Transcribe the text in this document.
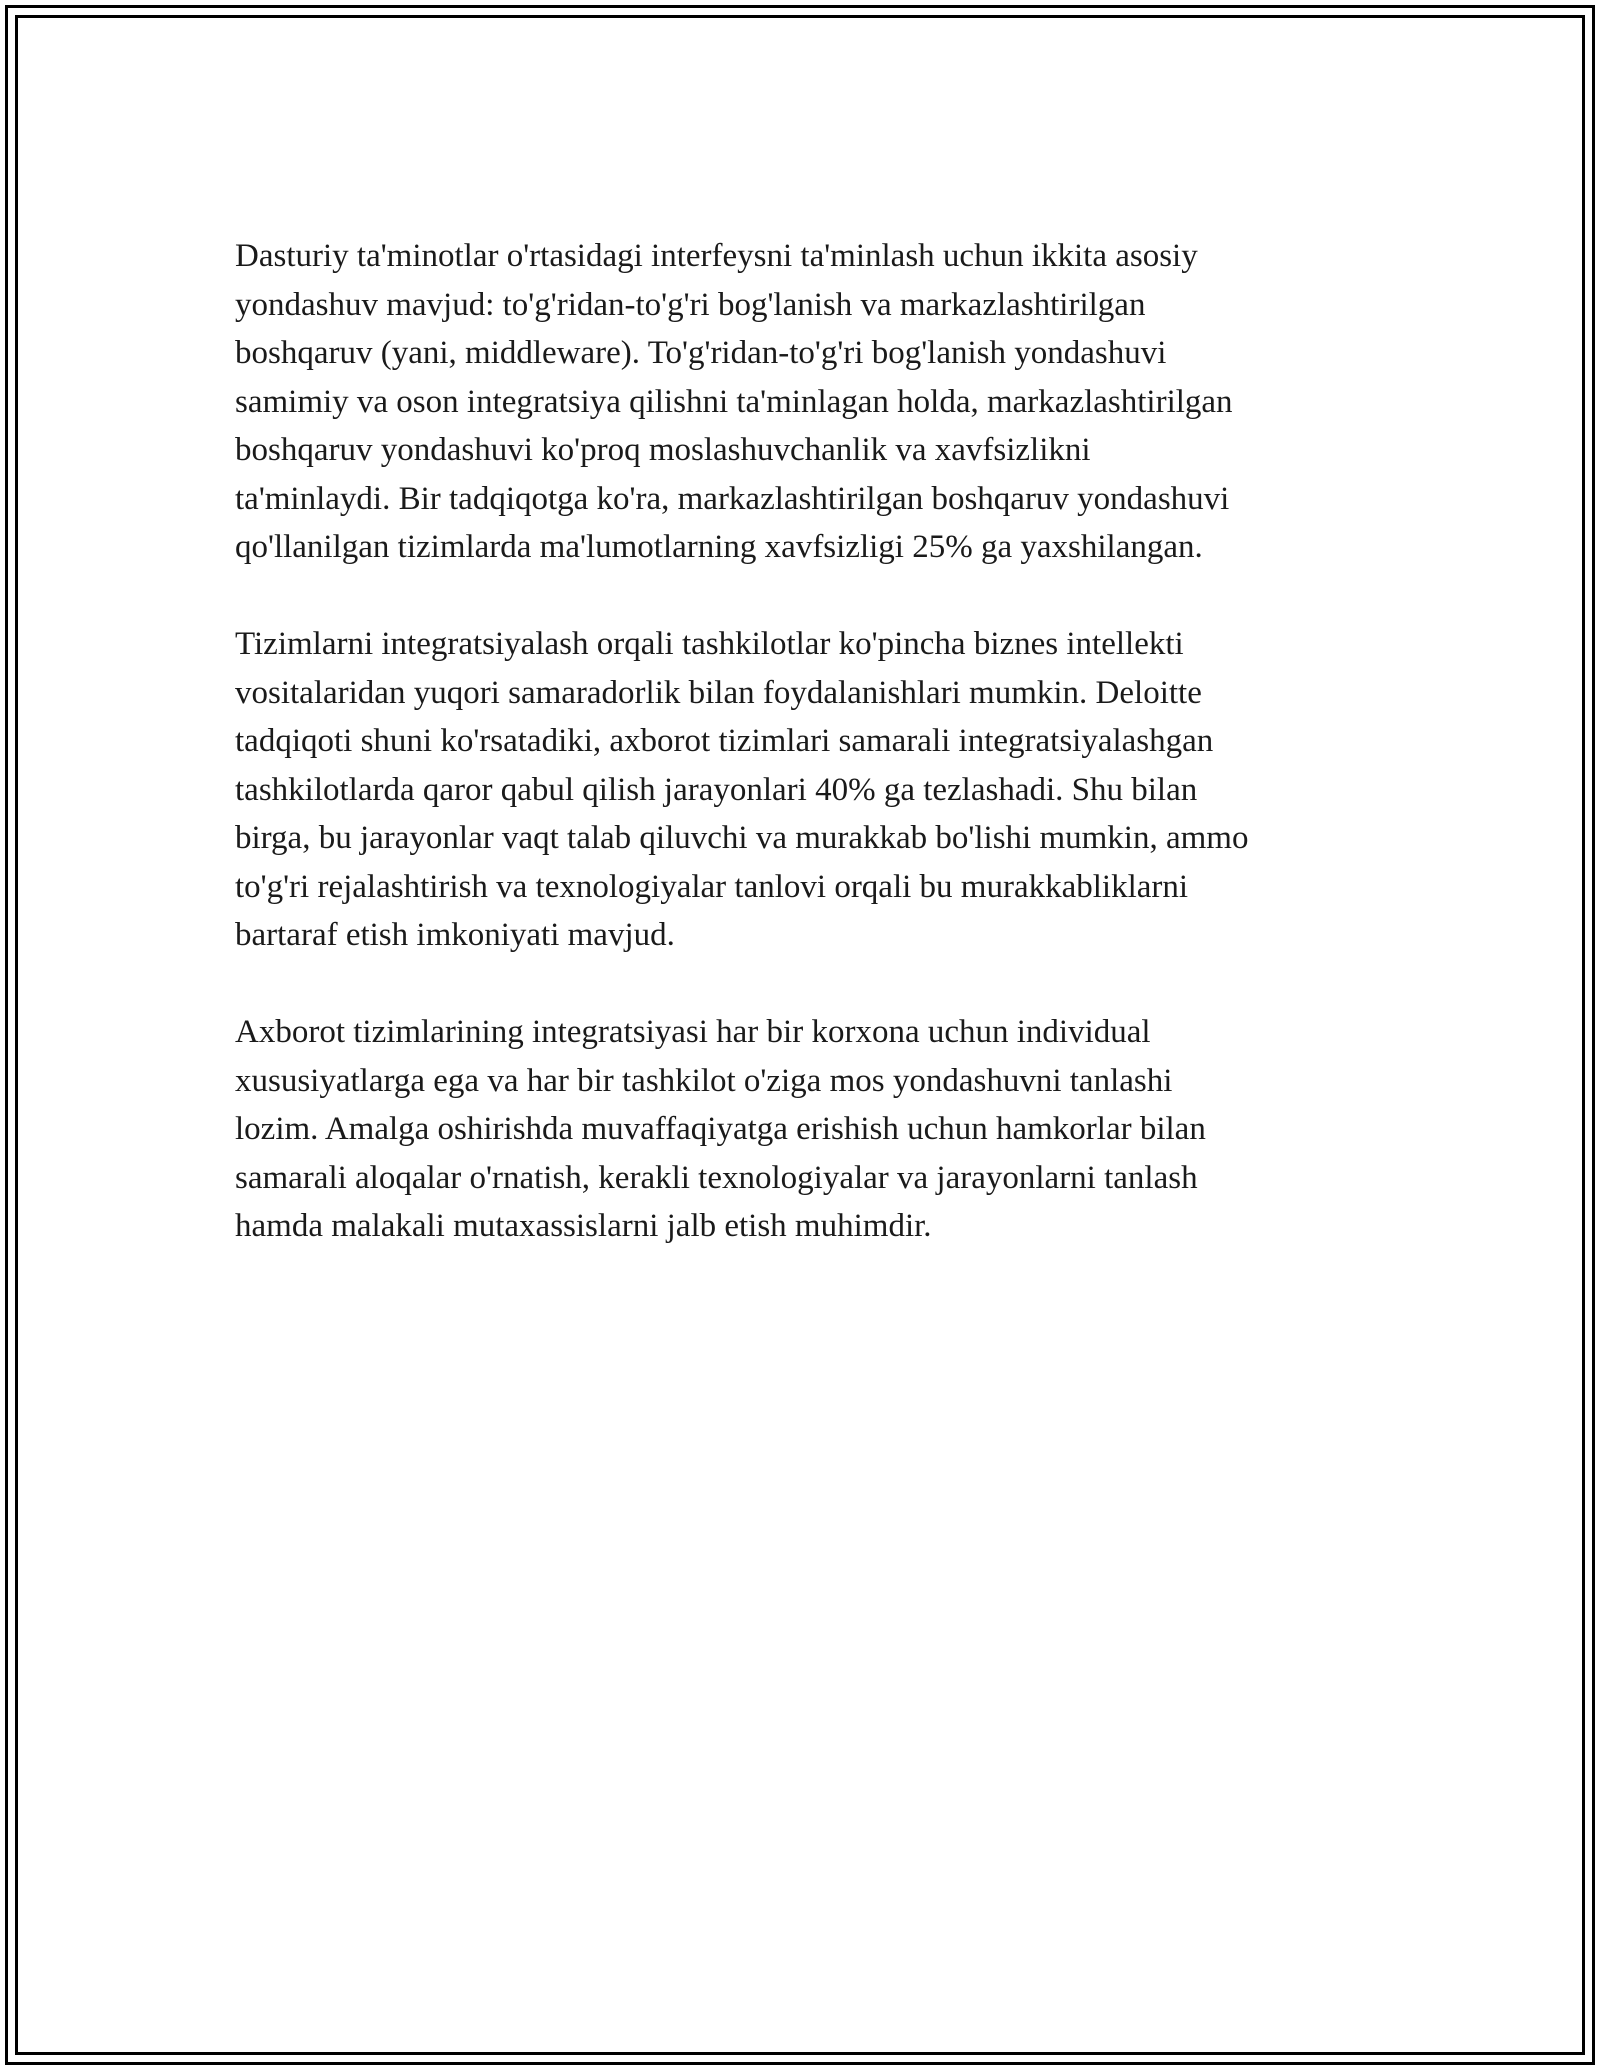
Dasturiy ta'minotlar o'rtasidagi interfeysni ta'minlash uchun ikkita asosiy
yondashuv mavjud: to'g'ridan-to'g'ri bog'lanish va markazlashtirilgan
boshqaruv (yani, middleware). To'g'ridan-to'g'ri bog'lanish yondashuvi
samimiy va oson integratsiya qilishni ta'minlagan holda, markazlashtirilgan
boshqaruv yondashuvi ko'proq moslashuvchanlik va xavfsizlikni
ta'minlaydi. Bir tadqiqotga ko'ra, markazlashtirilgan boshqaruv yondashuvi
qo'llanilgan tizimlarda ma'lumotlarning xavfsizligi 25% ga yaxshilangan.

Tizimlarni integratsiyalash orqali tashkilotlar ko'pincha biznes intellekti
vositalaridan yuqori samaradorlik bilan foydalanishlari mumkin. Deloitte
tadqiqoti shuni ko'rsatadiki, axborot tizimlari samarali integratsiyalashgan
tashkilotlarda qaror qabul qilish jarayonlari 40% ga tezlashadi. Shu bilan
birga, bu jarayonlar vaqt talab qiluvchi va murakkab bo'lishi mumkin, ammo
to'g'ri rejalashtirish va texnologiyalar tanlovi orqali bu murakkabliklarni
bartaraf etish imkoniyati mavjud.

Axborot tizimlarining integratsiyasi har bir korxona uchun individual
xususiyatlarga ega va har bir tashkilot o'ziga mos yondashuvni tanlashi
lozim. Amalga oshirishda muvaffaqiyatga erishish uchun hamkorlar bilan
samarali aloqalar o'rnatish, kerakli texnologiyalar va jarayonlarni tanlash
hamda malakali mutaxassislarni jalb etish muhimdir.
